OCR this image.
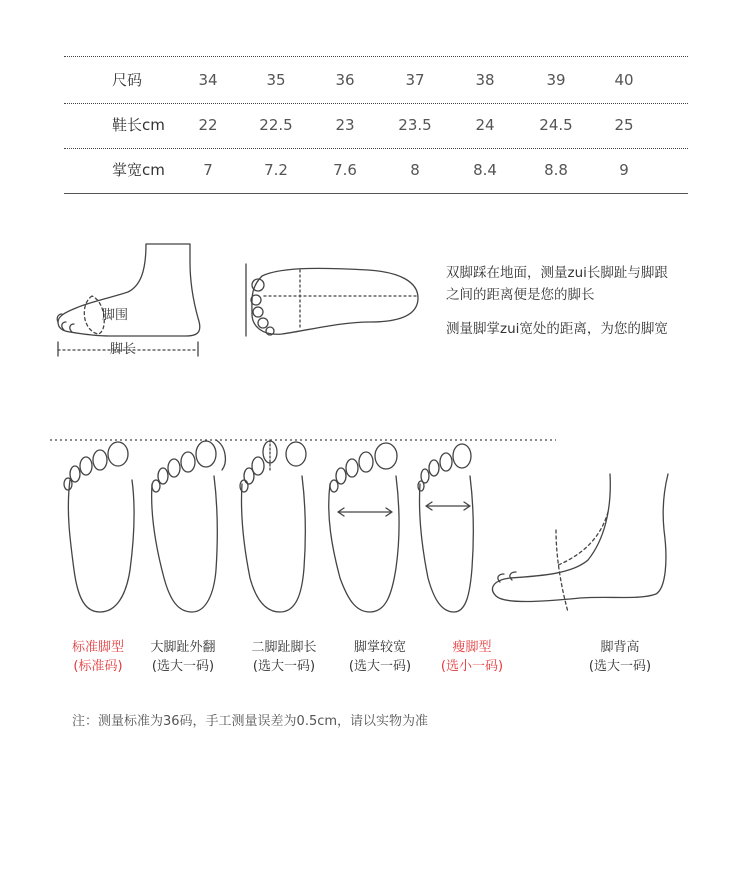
尺码	34	35	36	37	38	39	40
鞋长cm	22	22.5	23	23.5	24	24.5	25
掌宽cm	7	7.2	7.6	8	8.4	8.8	9
脚围
脚长
双脚踩在地面，测量zui长脚趾与脚跟
之间的距离便是您的脚长
测量脚掌zui宽处的距离，为您的脚宽
标准脚型
(标准码)
大脚趾外翻
(选大一码)
二脚趾脚长
(选大一码)
脚掌较宽
(选大一码)
瘦脚型
(选小一码)
脚背高
(选大一码)
注：测量标准为36码，手工测量误差为0.5cm，请以实物为准
